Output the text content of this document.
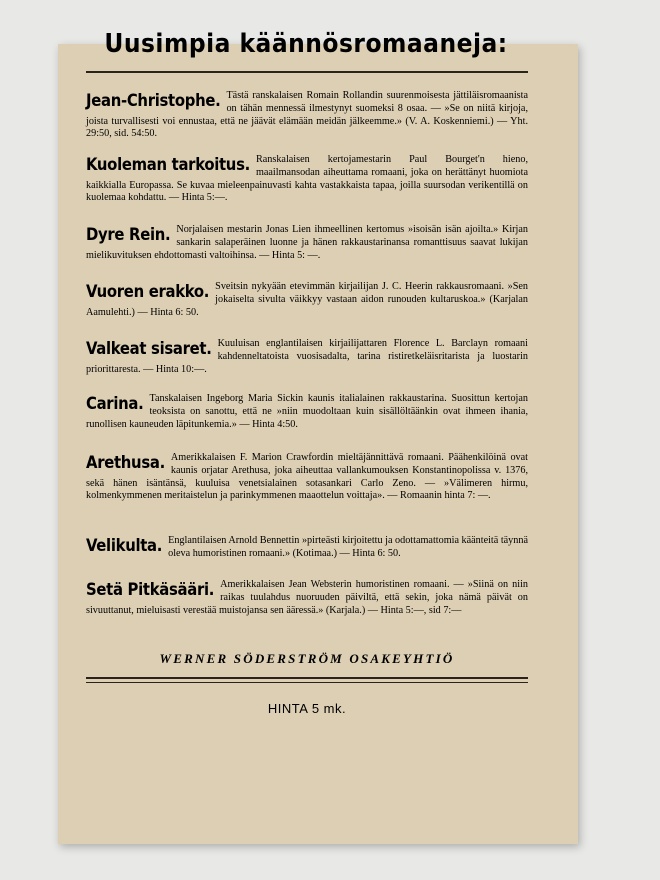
Uusimpia käännösromaaneja:
Jean-Christophe. Tästä ranskalaisen Romain Rollandin suurenmoisesta jättiläisromaanista on tähän mennessä ilmestynyt suomeksi 8 osaa. — »Se on niitä kirjoja, joista turvallisesti voi ennustaa, että ne jäävät elämään meidän jälkeemme.» (V. A. Koskenniemi.) — Yht. 29:50, sid. 54:50.
Kuoleman tarkoitus. Ranskalaisen kertojamestarin Paul Bourget'n hieno, maailmansodan aiheuttama romaani, joka on herättänyt huomiota kaikkialla Europassa. Se kuvaa mieleenpainuvasti kahta vastakkaista tapaa, joilla suursodan verikentillä on kuolemaa kohdattu. — Hinta 5:—.
Dyre Rein. Norjalaisen mestarin Jonas Lien ihmeellinen kertomus »isoisän isän ajoilta.» Kirjan sankarin salaperäinen luonne ja hänen rakkaustarinansa romanttisuus saavat lukijan mielikuvituksen ehdottomasti valtoihinsa. — Hinta 5: —.
Vuoren erakko. Sveitsin nykyään etevimmän kirjailijan J. C. Heerin rakkausromaani. »Sen jokaiselta sivulta väikkyy vastaan aidon runouden kultaruskoa.» (Karjalan Aamulehti.) — Hinta 6: 50.
Valkeat sisaret. Kuuluisan englantilaisen kirjailijattaren Florence L. Barclayn romaani kahdenneltatoista vuosisadalta, tarina ristiretkeläisritarista ja luostarin priorittaresta. — Hinta 10:—.
Carina. Tanskalaisen Ingeborg Maria Sickin kaunis italialainen rakkaustarina. Suosittun kertojan teoksista on sanottu, että ne »niin muodoltaan kuin sisällöltäänkin ovat ihmeen ihania, runollisen kauneuden läpitunkemia.» — Hinta 4:50.
Arethusa. Amerikkalaisen F. Marion Crawfordin mieltäjännittävä romaani. Päähenkilöinä ovat kaunis orjatar Arethusa, joka aiheuttaa vallankumouksen Konstantinopolissa v. 1376, sekä hänen isäntänsä, kuuluisa venetsialainen sotasankari Carlo Zeno. — »Välimeren hirmu, kolmenkymmenen meritaistelun ja parinkymmenen maaottelun voittaja». — Romaanin hinta 7: —.
Velikulta. Englantilaisen Arnold Bennettin »pirteästi kirjoitettu ja odottamattomia käänteitä täynnä oleva humoristinen romaani.» (Kotimaa.) — Hinta 6: 50.
Setä Pitkäsääri. Amerikkalaisen Jean Websterin humoristinen romaani. — »Siinä on niin raikas tuulahdus nuoruuden päiviltä, että sekin, joka nämä päivät on sivuuttanut, mieluisasti verestää muistojansa sen ääressä.» (Karjala.) — Hinta 5:—, sid 7:—
WERNER SÖDERSTRÖM OSAKEYHTIÖ
HINTA 5 mk.
